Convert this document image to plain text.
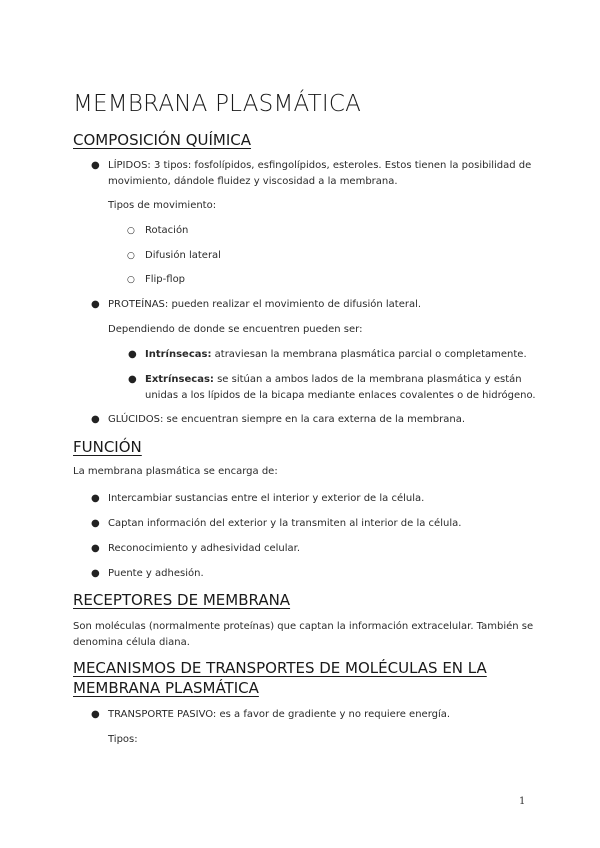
MEMBRANA PLASMÁTICA
COMPOSICIÓN QUÍMICA
● LÍPIDOS: 3 tipos: fosfolípidos, esfingolípidos, esteroles. Estos tienen la posibilidad de movimiento, dándole fluidez y viscosidad a la membrana.
Tipos de movimiento:
○ Rotación
○ Difusión lateral
○ Flip-flop
● PROTEÍNAS: pueden realizar el movimiento de difusión lateral.
Dependiendo de donde se encuentren pueden ser:
● Intrínsecas: atraviesan la membrana plasmática parcial o completamente.
● Extrínsecas: se sitúan a ambos lados de la membrana plasmática y están unidas a los lípidos de la bicapa mediante enlaces covalentes o de hidrógeno.
● GLÚCIDOS: se encuentran siempre en la cara externa de la membrana.
FUNCIÓN
La membrana plasmática se encarga de:
● Intercambiar sustancias entre el interior y exterior de la célula.
● Captan información del exterior y la transmiten al interior de la célula.
● Reconocimiento y adhesividad celular.
● Puente y adhesión.
RECEPTORES DE MEMBRANA
Son moléculas (normalmente proteínas) que captan la información extracelular. También se denomina célula diana.
MECANISMOS DE TRANSPORTES DE MOLÉCULAS EN LA MEMBRANA PLASMÁTICA
● TRANSPORTE PASIVO: es a favor de gradiente y no requiere energía.
Tipos:
1
